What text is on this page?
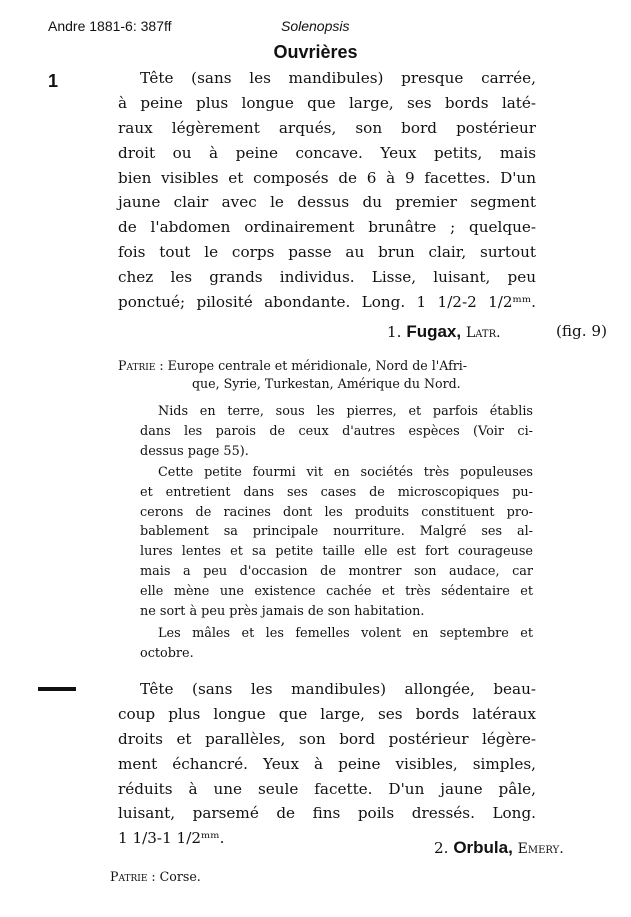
Andre 1881-6: 387ff	Solenopsis
Ouvrières
1	Tête (sans les mandibules) presque carrée,
à peine plus longue que large, ses bords laté-
raux légèrement arqués, son bord postérieur
droit ou à peine concave. Yeux petits, mais
bien visibles et composés de 6 à 9 facettes. D'un
jaune clair avec le dessus du premier segment
de l'abdomen ordinairement brunâtre ; quelque-
fois tout le corps passe au brun clair, surtout
chez les grands individus. Lisse, luisant, peu
ponctué; pilosité abondante. Long. 1 1/2-2 1/2ᵐᵐ.
1. Fugax, Latr.	(fig. 9)
Patrie : Europe centrale et méridionale, Nord de l'Afri-
que, Syrie, Turkestan, Amérique du Nord.
Nids en terre, sous les pierres, et parfois établis
dans les parois de ceux d'autres espèces (Voir ci-
dessus page 55).
Cette petite fourmi vit en sociétés très populeuses
et entretient dans ses cases de microscopiques pu-
cerons de racines dont les produits constituent pro-
bablement sa principale nourriture. Malgré ses al-
lures lentes et sa petite taille elle est fort courageuse
mais a peu d'occasion de montrer son audace, car
elle mène une existence cachée et très sédentaire et
ne sort à peu près jamais de son habitation.
Les mâles et les femelles volent en septembre et
octobre.
Tête (sans les mandibules) allongée, beau-
coup plus longue que large, ses bords latéraux
droits et parallèles, son bord postérieur légère-
ment échancré. Yeux à peine visibles, simples,
réduits à une seule facette. D'un jaune pâle,
luisant, parsemé de fins poils dressés. Long.
1 1/3-1 1/2ᵐᵐ.
2. Orbula, Emery.
Patrie : Corse.
